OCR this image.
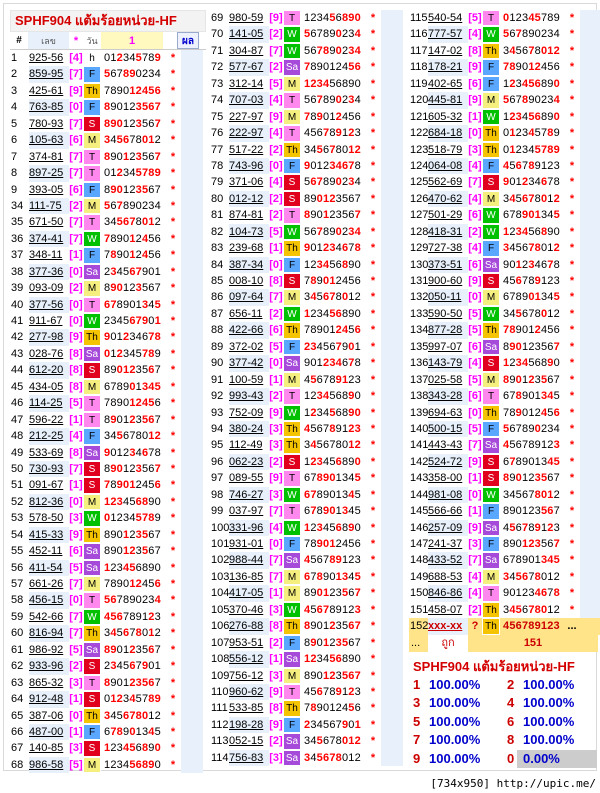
SPHF904 แต้มร้อยหน่วย-HF
#	เลข	* วัน	1	ผล
1	925-56 [4] h 012345789 *
2	859-95 [7] F 567890234 *
3	425-61 [9] Th 789012456 *
4	763-85 [0] F 890123567 *
5	780-93 [7] S 890123567 *
6	105-63 [6] M 345678012 *
7	374-81 [7] T 890123567 *
8	897-25 [7] T 012345789 *
9	393-05 [6] F 890123567 *
34 111-75 [2] M 567890234 *
35 671-50 [7] T 345678012 *
36 374-41 [7] W 789012456 *
37 348-11 [1] F 789012456 *
38 377-36 [0] Sa 234567901 *
39 093-09 [2] M 890123567 *
40 377-56 [0] T 678901345 *
41 911-67 [0] W 234567901 *
42 277-98 [9] Th 901234678 *
43 028-76 [8] Sa 012345789 *
44 612-20 [8] S 890123567 *
45 434-05 [8] M 678901345 *
46 114-25 [5] T 789012456 *
47 596-22 [1] T 890123567 *
48 212-25 [4] F 345678012 *
49 533-69 [8] Sa 901234678 *
50 730-93 [7] S 890123567 *
51 091-67 [1] S 789012456 *
52 812-36 [0] M 123456890 *
53 578-50 [3] W 012345789 *
54 415-33 [9] Th 890123567 *
55 452-11 [6] Sa 890123567 *
56 411-54 [5] Sa 123456890 *
57 661-26 [7] M 789012456 *
58 456-15 [0] T 567890234 *
59 542-66 [7] W 456789123 *
60 816-94 [7] Th 345678012 *
61 986-92 [5] Sa 890123567 *
62 933-96 [2] S 234567901 *
63 865-32 [3] T 890123567 *
64 912-48 [1] S 012345789 *
65 387-06 [0] Th 345678012 *
66 487-00 [1] F 678901345 *
67 140-85 [3] S 123456890 *
68 986-58 [5] M 123456890 *
69 980-59 [9] T 123456890 *
70 141-05 [2] W 567890234 *
71 304-87 [7] W 567890234 *
72 577-67 [2] Sa 789012456 *
73 312-14 [5] M 123456890 *
74 707-03 [4] T 567890234 *
75 227-97 [9] M 789012456 *
76 222-97 [4] T 456789123 *
77 517-22 [2] Th 345678012 *
78 743-96 [0] F 901234678 *
79 371-06 [4] S 567890234 *
80 012-12 [2] S 890123567 *
81 874-81 [2] T 890123567 *
82 104-73 [5] W 567890234 *
83 239-68 [1] Th 901234678 *
84 387-34 [0] F 123456890 *
85 008-10 [8] S 789012456 *
86 097-64 [7] M 345678012 *
87 656-11 [2] W 123456890 *
88 422-66 [6] Th 789012456 *
89 372-02 [5] F 234567901 *
90 377-42 [0] Sa 901234678 *
91 100-59 [1] M 456789123 *
92 993-43 [2] T 123456890 *
93 752-09 [9] W 123456890 *
94 380-24 [3] Th 456789123 *
95 112-49 [3] Th 345678012 *
96 062-23 [2] S 123456890 *
97 089-55 [9] T 678901345 *
98 746-27 [3] W 678901345 *
99 037-97 [7] T 678901345 *
100 331-96 [4] W 123456890 *
101 931-01 [0] F 789012456 *
102 988-44 [7] Sa 456789123 *
103 136-85 [7] M 678901345 *
104 417-05 [1] M 890123567 *
105 370-46 [3] W 456789123 *
106 276-88 [8] Th 890123567 *
107 953-51 [2] F 890123567 *
108 556-12 [1] Sa 123456890 *
109 756-12 [3] M 890123567 *
110 960-62 [9] T 456789123 *
111 533-85 [8] Th 789012456 *
112 198-28 [9] F 234567901 *
113 052-15 [2] Sa 345678012 *
114 756-83 [3] Sa 345678012 *
115 540-54 [5] T 012345789 *
116 777-57 [4] W 567890234 *
117 147-02 [8] Th 345678012 *
118 178-21 [9] F 789012456 *
119 402-65 [6] F 123456890 *
120 445-81 [9] M 567890234 *
121 605-32 [1] W 123456890 *
122 684-18 [0] Th 012345789 *
123 518-79 [3] Th 012345789 *
124 064-08 [4] F 456789123 *
125 562-69 [7] S 901234678 *
126 470-62 [4] M 345678012 *
127 501-29 [6] W 678901345 *
128 418-31 [2] W 123456890 *
129 727-38 [4] F 345678012 *
130 373-51 [6] Sa 901234678 *
131 900-60 [9] S 456789123 *
132 050-11 [0] M 678901345 *
133 590-50 [5] W 345678012 *
134 877-28 [5] Th 789012456 *
135 997-07 [6] Sa 890123567 *
136 143-79 [4] S 123456890 *
137 025-58 [5] M 890123567 *
138 343-28 [6] T 678901345 *
139 694-63 [0] Th 789012456 *
140 500-15 [5] F 567890234 *
141 443-43 [7] Sa 456789123 *
142 524-72 [9] S 678901345 *
143 358-00 [1] S 890123567 *
144 981-08 [0] W 345678012 *
145 566-66 [1] F 890123567 *
146 257-09 [9] Sa 456789123 *
147 241-37 [3] F 890123567 *
148 433-52 [7] Sa 678901345 *
149 688-53 [4] M 345678012 *
150 846-86 [4] T 901234678 *
151 458-07 [2] Th 345678012 *
152 xxx-xx ? Th 456789123 ...
...	ถูก	151
SPHF904 แต้มร้อยหน่วย-HF
1 100.00%	2 100.00%
3 100.00%	4 100.00%
5 100.00%	6 100.00%
7 100.00%	8 100.00%
9 100.00%	0 0.00%
[734x950] http://upic.me/
